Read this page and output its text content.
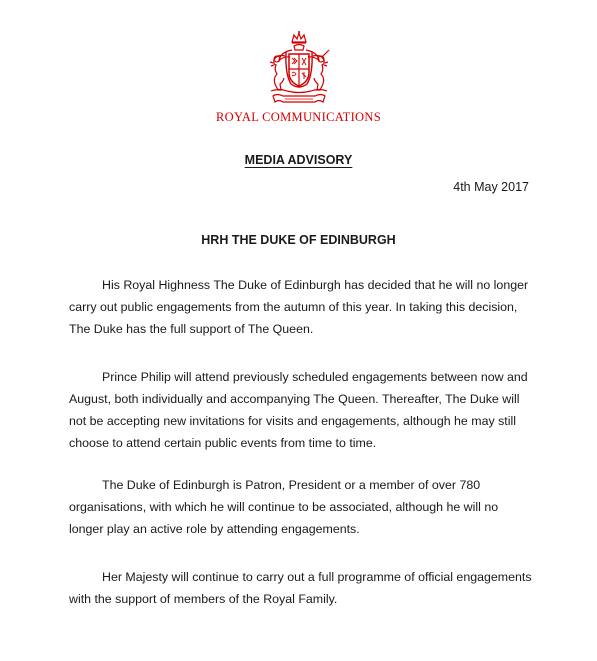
ROYAL COMMUNICATIONS
MEDIA ADVISORY
4th May 2017
HRH THE DUKE OF EDINBURGH

His Royal Highness The Duke of Edinburgh has decided that he will no longer carry out public engagements from the autumn of this year. In taking this decision, The Duke has the full support of The Queen.

Prince Philip will attend previously scheduled engagements between now and August, both individually and accompanying The Queen. Thereafter, The Duke will not be accepting new invitations for visits and engagements, although he may still choose to attend certain public events from time to time.

The Duke of Edinburgh is Patron, President or a member of over 780 organisations, with which he will continue to be associated, although he will no longer play an active role by attending engagements.

Her Majesty will continue to carry out a full programme of official engagements with the support of members of the Royal Family.
